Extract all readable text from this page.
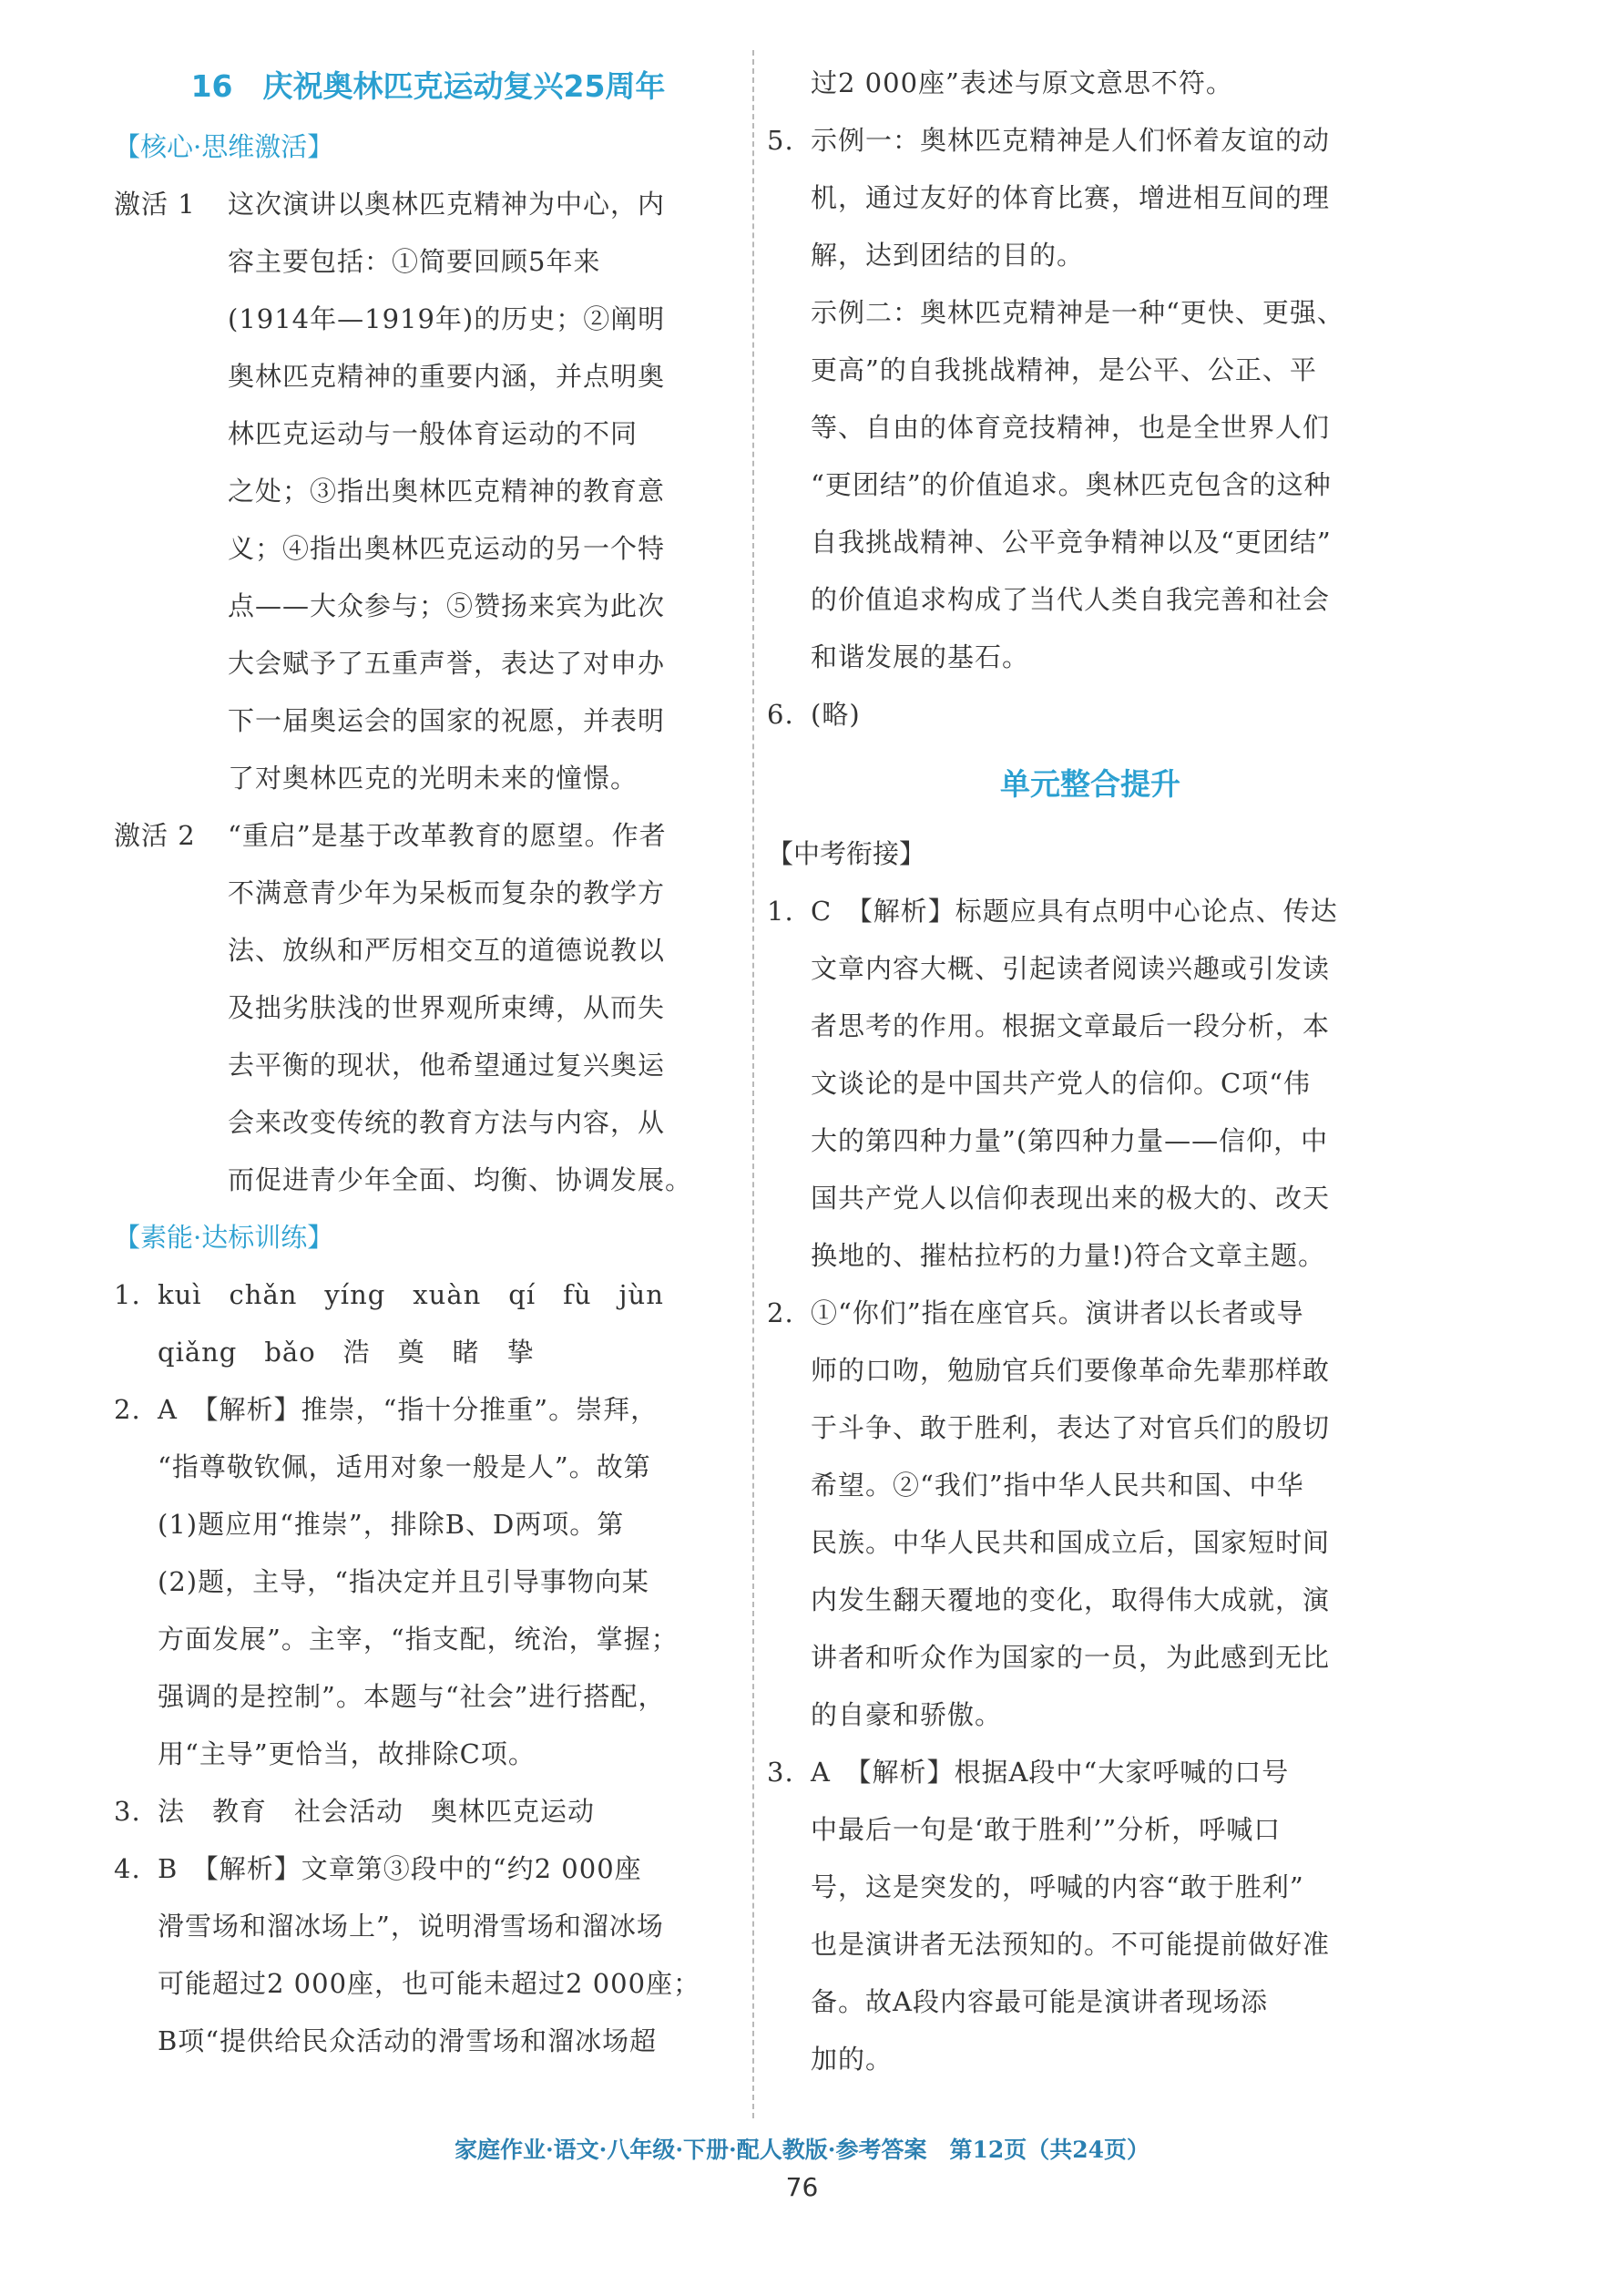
16　庆祝奥林匹克运动复兴25周年
【核心·思维激活】
激活 1 这次演讲以奥林匹克精神为中心，内
容主要包括：①简要回顾5年来
(1914年—1919年)的历史；②阐明
奥林匹克精神的重要内涵，并点明奥
林匹克运动与一般体育运动的不同
之处；③指出奥林匹克精神的教育意
义；④指出奥林匹克运动的另一个特
点——大众参与；⑤赞扬来宾为此次
大会赋予了五重声誉，表达了对申办
下一届奥运会的国家的祝愿，并表明
了对奥林匹克的光明未来的憧憬。
激活 2 “重启”是基于改革教育的愿望。作者
不满意青少年为呆板而复杂的教学方
法、放纵和严厉相交互的道德说教以
及拙劣肤浅的世界观所束缚，从而失
去平衡的现状，他希望通过复兴奥运
会来改变传统的教育方法与内容，从
而促进青少年全面、均衡、协调发展。
【素能·达标训练】
1. kuì　chǎn　yíng　xuàn　qí　fù　jùn
qiǎng　bǎo　浩　奠　睹　挚
2. A　【解析】推崇，“指十分推重”。崇拜，
“指尊敬钦佩，适用对象一般是人”。故第
(1)题应用“推崇”，排除B、D两项。第
(2)题，主导，“指决定并且引导事物向某
方面发展”。主宰，“指支配，统治，掌握；
强调的是控制”。本题与“社会”进行搭配，
用“主导”更恰当，故排除C项。
3. 法　教育　社会活动　奥林匹克运动
4. B　【解析】文章第③段中的“约2 000座
滑雪场和溜冰场上”，说明滑雪场和溜冰场
可能超过2 000座，也可能未超过2 000座；
B项“提供给民众活动的滑雪场和溜冰场超
过2 000座”表述与原文意思不符。
5. 示例一：奥林匹克精神是人们怀着友谊的动
机，通过友好的体育比赛，增进相互间的理
解，达到团结的目的。
示例二：奥林匹克精神是一种“更快、更强、
更高”的自我挑战精神，是公平、公正、平
等、自由的体育竞技精神，也是全世界人们
“更团结”的价值追求。奥林匹克包含的这种
自我挑战精神、公平竞争精神以及“更团结”
的价值追求构成了当代人类自我完善和社会
和谐发展的基石。
6. (略)
单元整合提升
【中考衔接】
1. C　【解析】标题应具有点明中心论点、传达
文章内容大概、引起读者阅读兴趣或引发读
者思考的作用。根据文章最后一段分析，本
文谈论的是中国共产党人的信仰。C项“伟
大的第四种力量”(第四种力量——信仰，中
国共产党人以信仰表现出来的极大的、改天
换地的、摧枯拉朽的力量!)符合文章主题。
2. ①“你们”指在座官兵。演讲者以长者或导
师的口吻，勉励官兵们要像革命先辈那样敢
于斗争、敢于胜利，表达了对官兵们的殷切
希望。②“我们”指中华人民共和国、中华
民族。中华人民共和国成立后，国家短时间
内发生翻天覆地的变化，取得伟大成就，演
讲者和听众作为国家的一员，为此感到无比
的自豪和骄傲。
3. A　【解析】根据A段中“大家呼喊的口号
中最后一句是‘敢于胜利’”分析，呼喊口
号，这是突发的，呼喊的内容“敢于胜利”
也是演讲者无法预知的。不可能提前做好准
备。故A段内容最可能是演讲者现场添
加的。
家庭作业·语文·八年级·下册·配人教版·参考答案　第12页（共24页）
76
